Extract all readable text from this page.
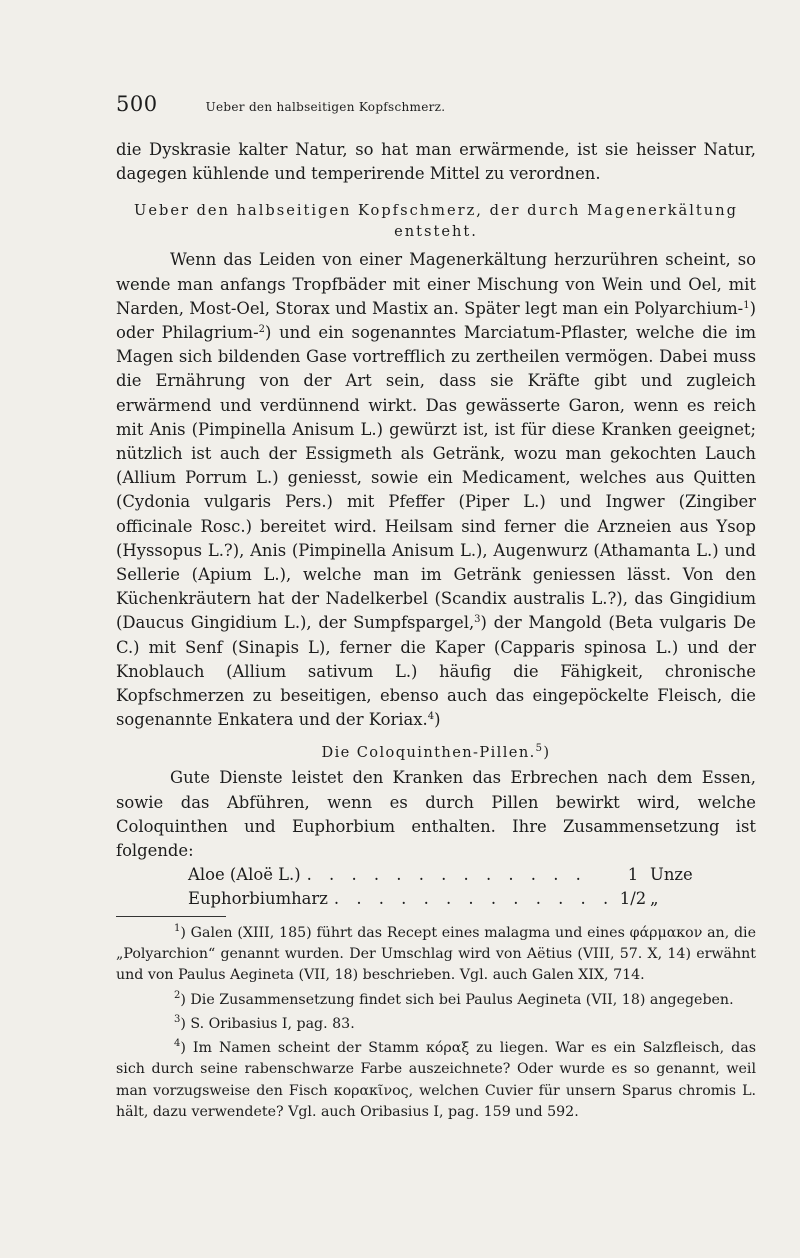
500	Ueber den halbseitigen Kopfschmerz.

die Dyskrasie kalter Natur, so hat man erwärmende, ist sie heisser Natur, dagegen kühlende und temperirende Mittel zu verordnen.

Ueber den halbseitigen Kopfschmerz, der durch Magenerkältung entsteht.

Wenn das Leiden von einer Magenerkältung herzurühren scheint, so wende man anfangs Tropfbäder mit einer Mischung von Wein und Oel, mit Narden, Most-Oel, Storax und Mastix an. Später legt man ein Polyarchium-$^1$) oder Philagrium-$^2$) und ein sogenanntes Marciatum-Pflaster, welche die im Magen sich bildenden Gase vortrefflich zu zertheilen vermögen. Dabei muss die Ernährung von der Art sein, dass sie Kräfte gibt und zugleich erwärmend und verdünnend wirkt. Das gewässerte Garon, wenn es reich mit Anis (Pimpinella Anisum L.) gewürzt ist, ist für diese Kranken geeignet; nützlich ist auch der Essigmeth als Getränk, wozu man gekochten Lauch (Allium Porrum L.) geniesst, sowie ein Medicament, welches aus Quitten (Cydonia vulgaris Pers.) mit Pfeffer (Piper L.) und Ingwer (Zingiber officinale Rosc.) bereitet wird. Heilsam sind ferner die Arzneien aus Ysop (Hyssopus L.?), Anis (Pimpinella Anisum L.), Augenwurz (Athamanta L.) und Sellerie (Apium L.), welche man im Getränk geniessen lässt. Von den Küchenkräutern hat der Nadelkerbel (Scandix australis L.?), das Gingidium (Daucus Gingidium L.), der Sumpfspargel,$^3$) der Mangold (Beta vulgaris De C.) mit Senf (Sinapis L), ferner die Kaper (Capparis spinosa L.) und der Knoblauch (Allium sativum L.) häufig die Fähigkeit, chronische Kopfschmerzen zu beseitigen, ebenso auch das eingepöckelte Fleisch, die sogenannte Enkatera und der Koriax.$^4$)

Die Coloquinthen-Pillen.$^5$)

Gute Dienste leistet den Kranken das Erbrechen nach dem Essen, sowie das Abführen, wenn es durch Pillen bewirkt wird, welche Coloquinthen und Euphorbium enthalten. Ihre Zusammensetzung ist folgende:

Aloe (Aloë L.) . . . . . . . . . . . . .	1 Unze
Euphorbiumharz . . . . . . . . . . . . . 1/2 „

$^1$) Galen (XIII, 185) führt das Recept eines malagma und eines φάρμακον an, die „Polyarchion“ genannt wurden. Der Umschlag wird von Aëtius (VIII, 57. X, 14) erwähnt und von Paulus Aegineta (VII, 18) beschrieben. Vgl. auch Galen XIX, 714.

$^2$) Die Zusammensetzung findet sich bei Paulus Aegineta (VII, 18) angegeben.

$^3$) S. Oribasius I, pag. 83.

$^4$) Im Namen scheint der Stamm κόραξ zu liegen. War es ein Salzfleisch, das sich durch seine rabenschwarze Farbe auszeichnete? Oder wurde es so genannt, weil man vorzugsweise den Fisch κορακῖνος, welchen Cuvier für unsern Sparus chromis L. hält, dazu verwendete? Vgl. auch Oribasius I, pag. 159 und 592.
